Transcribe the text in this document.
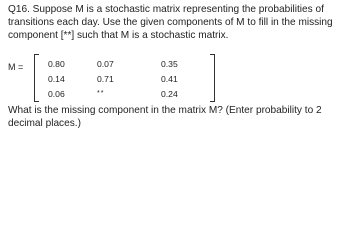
Q16. Suppose M is a stochastic matrix representing the probabilities of transitions each day. Use the given components of M to fill in the missing component [**] such that M is a stochastic matrix.

M =	0.80	0.07	0.35
0.14	0.71	0.41
0.06	**	0.24

What is the missing component in the matrix M? (Enter probability to 2 decimal places.)
